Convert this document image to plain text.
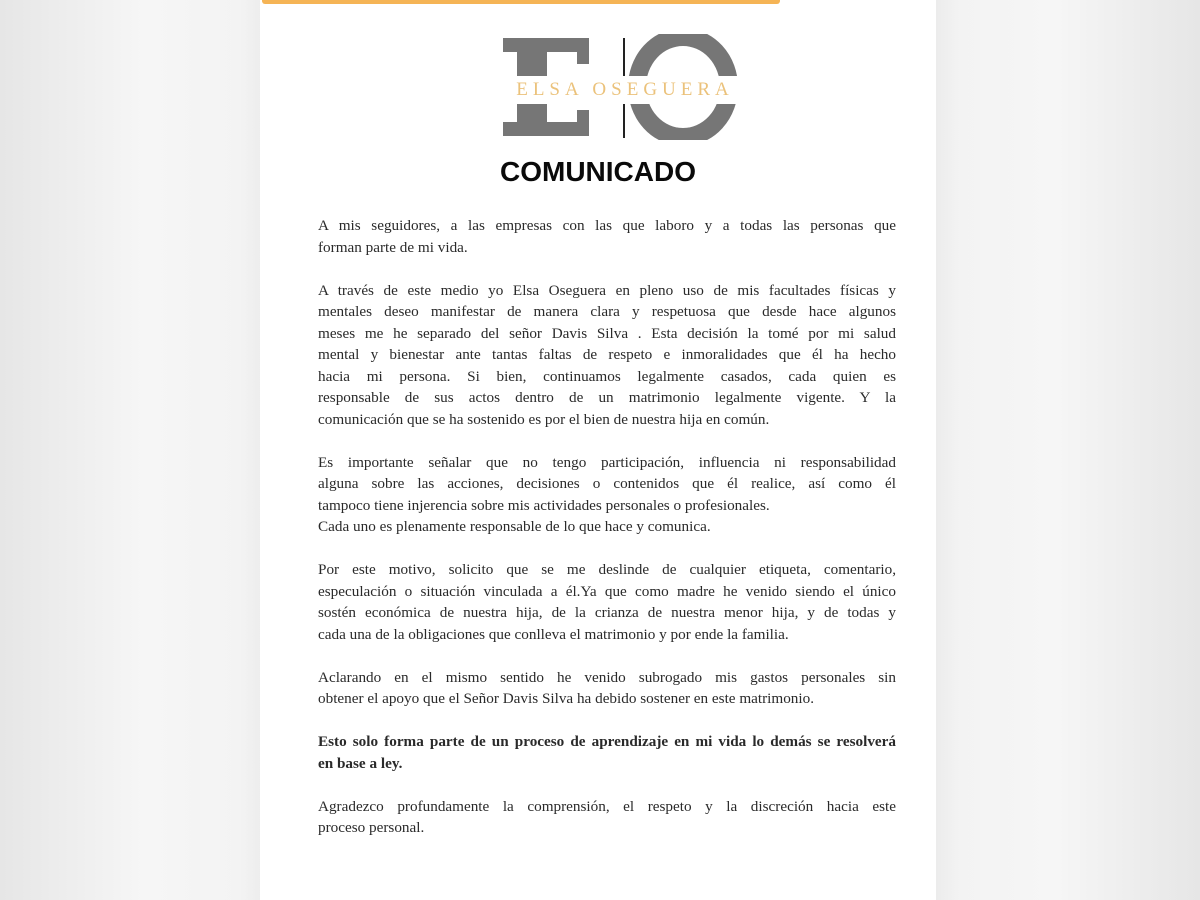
ELSA OSEGUERA
COMUNICADO
A mis seguidores, a las empresas con las que laboro y a todas las personas que
forman parte de mi vida.
A través de este medio yo Elsa Oseguera en pleno uso de mis facultades físicas y
mentales deseo manifestar de manera clara y respetuosa que desde hace algunos
meses me he separado del señor Davis Silva . Esta decisión la tomé por mi salud
mental y bienestar ante tantas faltas de respeto e inmoralidades que él ha hecho
hacia mi persona. Si bien, continuamos legalmente casados, cada quien es
responsable de sus actos dentro de un matrimonio legalmente vigente. Y la
comunicación que se ha sostenido es por el bien de nuestra hija en común.
Es importante señalar que no tengo participación, influencia ni responsabilidad
alguna sobre las acciones, decisiones o contenidos que él realice, así como él
tampoco tiene injerencia sobre mis actividades personales o profesionales.
Cada uno es plenamente responsable de lo que hace y comunica.
Por este motivo, solicito que se me deslinde de cualquier etiqueta, comentario,
especulación o situación vinculada a él.Ya que como madre he venido siendo el único
sostén económica de nuestra hija, de la crianza de nuestra menor hija, y de todas y
cada una de la obligaciones que conlleva el matrimonio y por ende la familia.
Aclarando en el mismo sentido he venido subrogado mis gastos personales sin
obtener el apoyo que el Señor Davis Silva ha debido sostener en este matrimonio.
Esto solo forma parte de un proceso de aprendizaje en mi vida lo demás se resolverá
en base a ley.
Agradezco profundamente la comprensión, el respeto y la discreción hacia este
proceso personal.
